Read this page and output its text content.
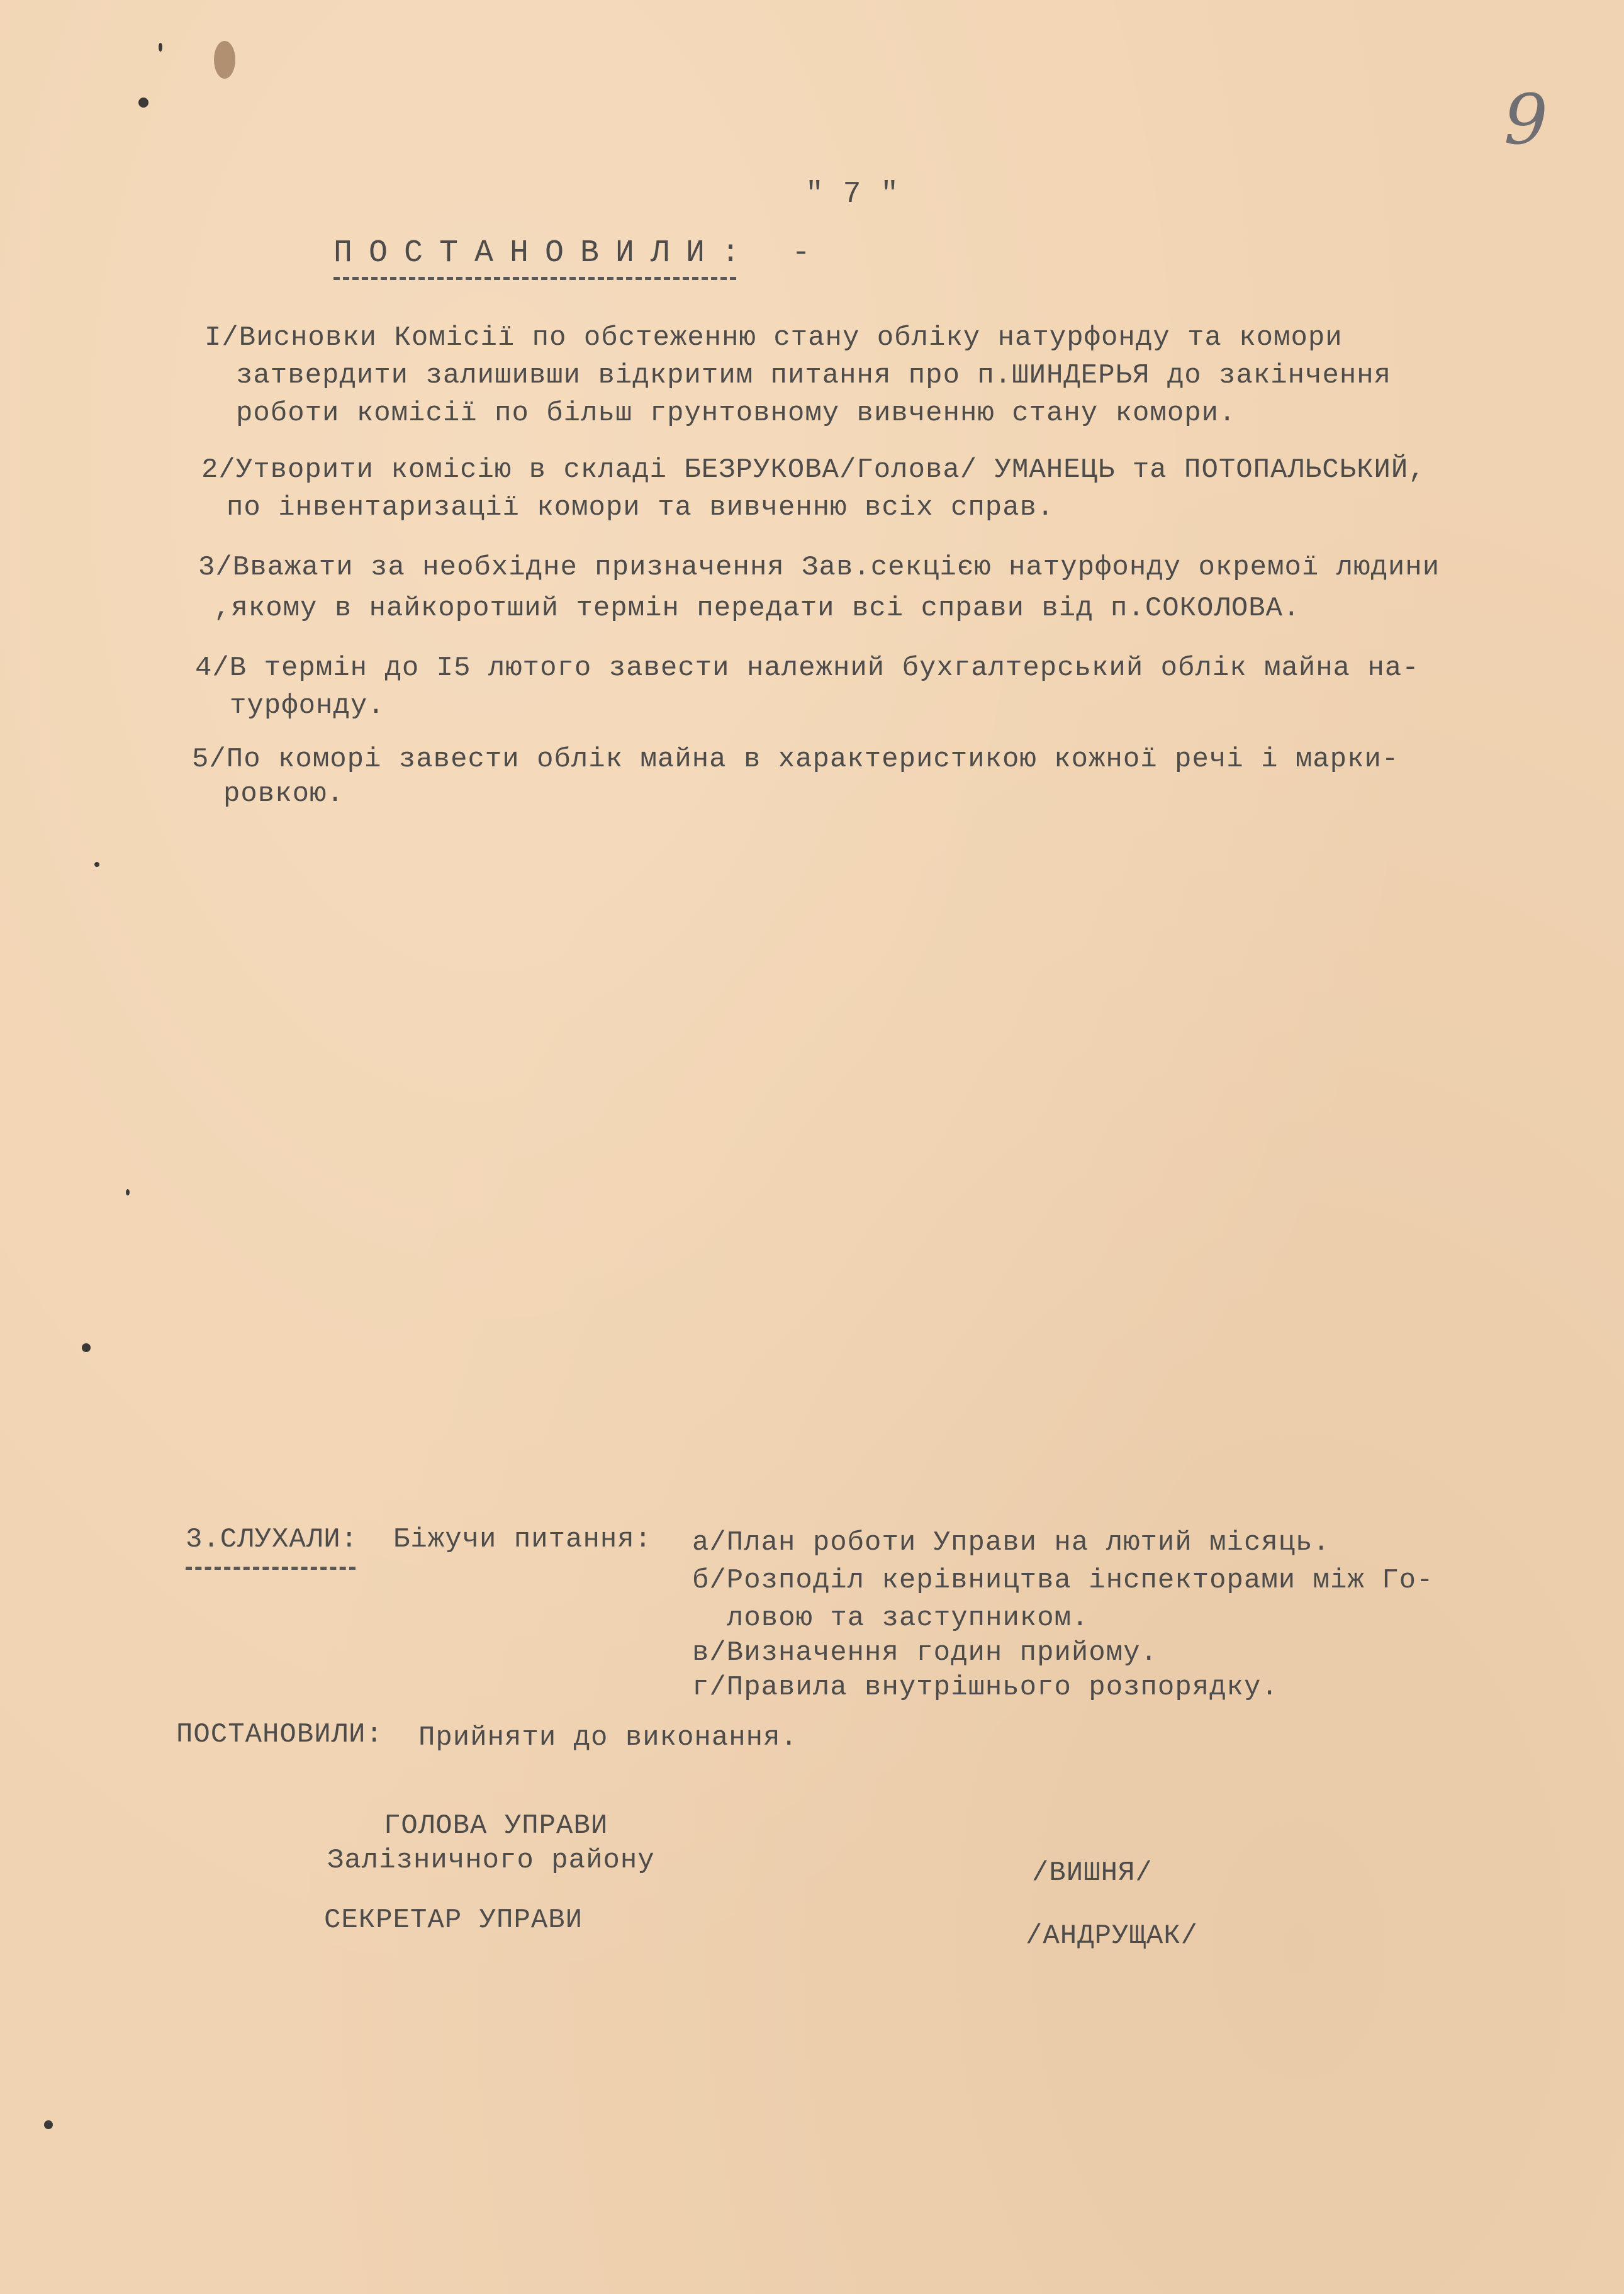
9
" 7 "
ПОСТАНОВИЛИ: -
І/Висновки Комісії по обстеженню стану обліку натурфонду та комори
затвердити залишивши відкритим питання про п.ШИНДЕРЬЯ до закінчення
роботи комісії по більш грунтовному вивченню стану комори.
2/Утворити комісію в складі БЕЗРУКОВА/Голова/ УМАНЕЦЬ та ПОТОПАЛЬСЬКИЙ,
по інвентаризації комори та вивченню всіх справ.
3/Вважати за необхідне призначення Зав.секцією натурфонду окремої людини
,якому в найкоротший термін передати всі справи від п.СОКОЛОВА.
4/В термін до I5 лютого завести належний бухгалтерський облік майна на-
турфонду.
5/По коморі завести облік майна в характеристикою кожної речі і марки-
ровкою.
3.СЛУХАЛИ: Біжучи питання: а/План роботи Управи на лютий місяць.
б/Розподіл керівництва інспекторами між Го-
ловою та заступником.
в/Визначення годин прийому.
г/Правила внутрішнього розпорядку.
ПОСТАНОВИЛИ: Прийняти до виконання.
ГОЛОВА УПРАВИ
Залізничного району	/ВИШНЯ/
СЕКРЕТАР УПРАВИ	/АНДРУЩАК/
